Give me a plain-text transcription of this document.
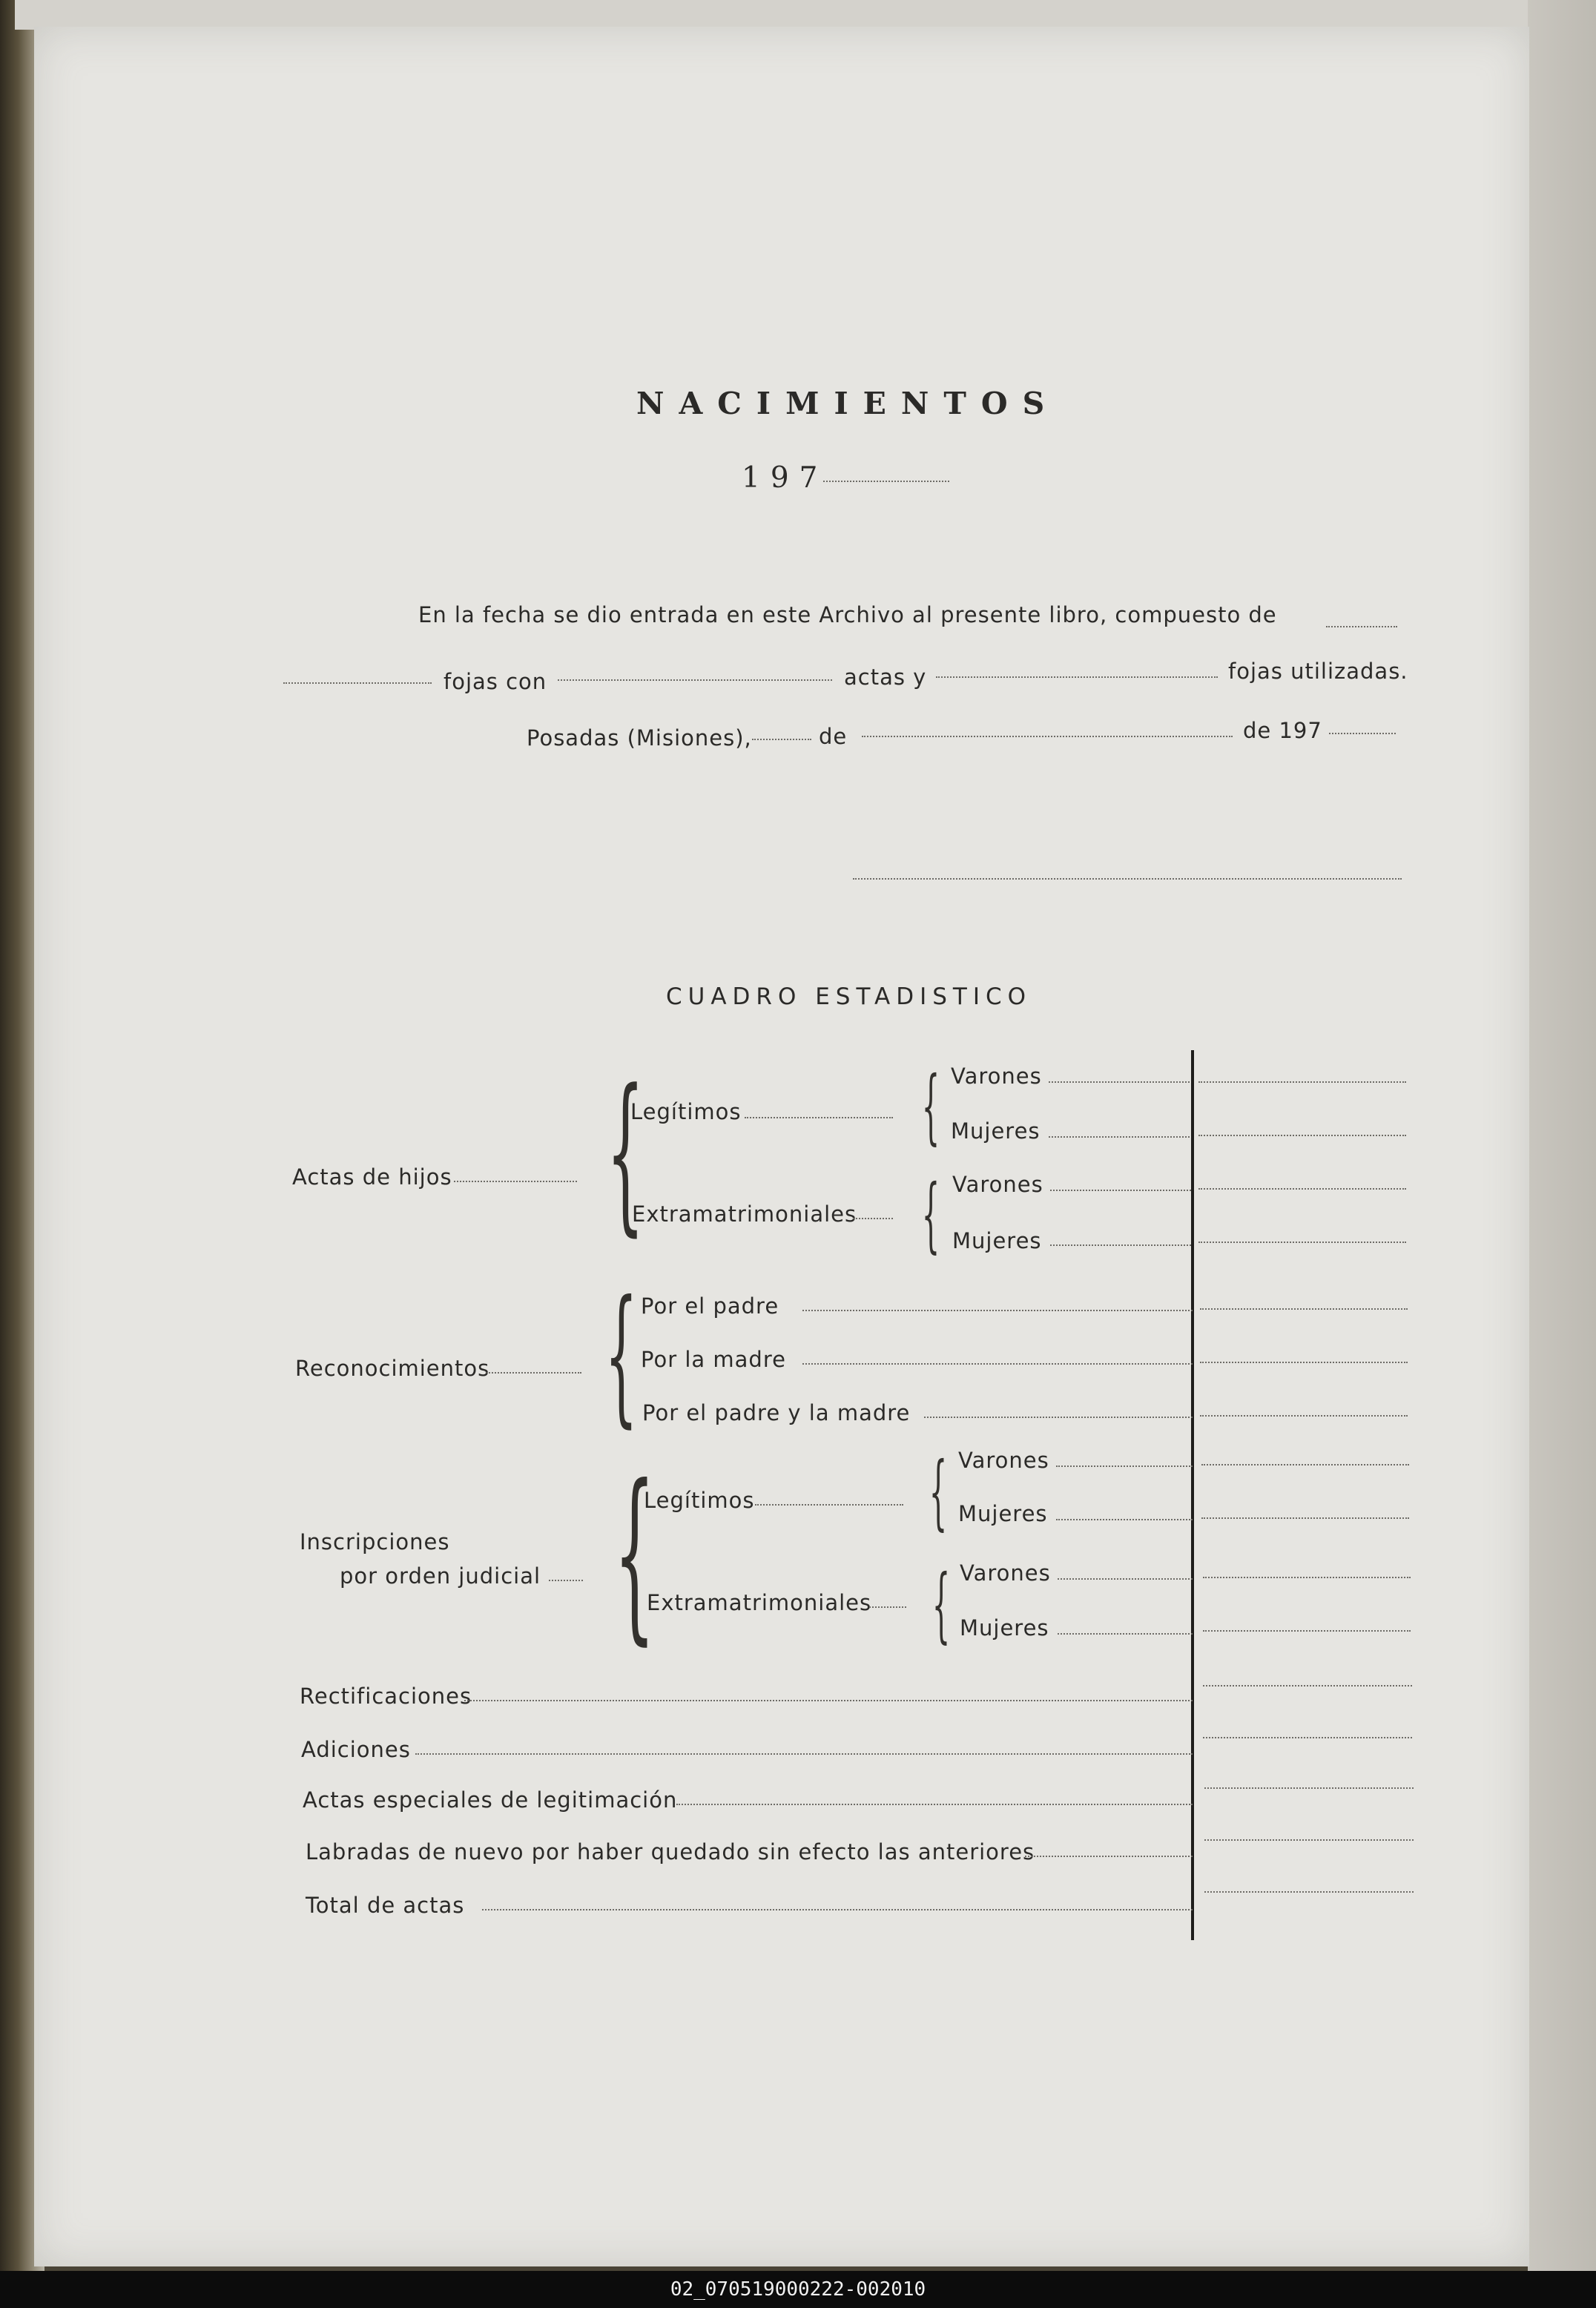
NACIMIENTOS
197
En la fecha se dio entrada en este Archivo al presente libro, compuesto de
fojas con	actas y	fojas utilizadas.
Posadas (Misiones),	de	de 197
CUADRO ESTADISTICO
Actas de hijos {
Legítimos { Varones
Mujeres
Extramatrimoniales { Varones
Mujeres
Reconocimientos { Por el padre
Por la madre
Por el padre y la madre
Inscripciones
por orden judicial {
Legítimos { Varones
Mujeres
Extramatrimoniales { Varones
Mujeres
Rectificaciones
Adiciones
Actas especiales de legitimación
Labradas de nuevo por haber quedado sin efecto las anteriores
Total de actas
02_070519000222-002010
